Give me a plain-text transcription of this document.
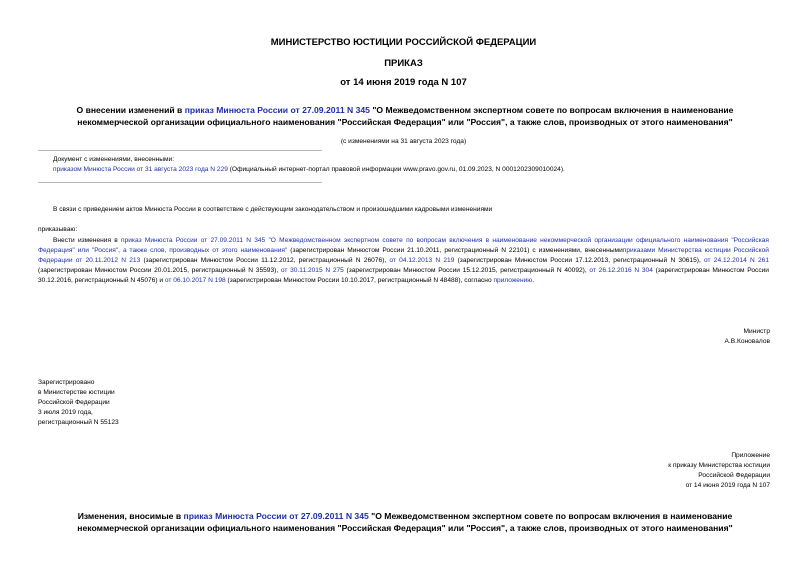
МИНИСТЕРСТВО ЮСТИЦИИ РОССИЙСКОЙ ФЕДЕРАЦИИ
ПРИКАЗ
от 14 июня 2019 года N 107
О внесении изменений в приказ Минюста России от 27.09.2011 N 345 "О Межведомственном экспертном совете по вопросам включения в наименование
некоммерческой организации официального наименования "Российская Федерация" или "Россия", а также слов, производных от этого наименования"
(с изменениями на 31 августа 2023 года)
Документ с изменениями, внесенными:
приказом Минюста России от 31 августа 2023 года N 229 (Официальный интернет-портал правовой информации www.pravo.gov.ru, 01.09.2023, N 0001202309010024).
В связи с приведением актов Минюста России в соответствие с действующим законодательством и произошедшими кадровыми изменениями
приказываю:
Внести изменения в приказ Минюста России от 27.09.2011 N 345 "О Межведомственном экспертном совете по вопросам включения в наименование некоммерческой организации официального наименования "Российская Федерация" или "Россия", а также слов, производных от этого наименования" (зарегистрирован Минюстом России 21.10.2011, регистрационный N 22101) с изменениями, внесеннымиприказами Министерства юстиции Российской Федерации от 20.11.2012 N 213 (зарегистрирован Минюстом России 11.12.2012, регистрационный N 26076), от 04.12.2013 N 219 (зарегистрирован Минюстом России 17.12.2013, регистрационный N 30615), от 24.12.2014 N 261 (зарегистрирован Минюстом России 20.01.2015, регистрационный N 35593), от 30.11.2015 N 275 (зарегистрирован Минюстом России 15.12.2015, регистрационный N 40092), от 26.12.2016 N 304 (зарегистрирован Минюстом России 30.12.2016, регистрационный N 45076) и от 06.10.2017 N 198 (зарегистрирован Минюстом России 10.10.2017, регистрационный N 48488), согласно приложению.
Министр
А.В.Коновалов
Зарегистрировано
в Министерстве юстиции
Российской Федерации
3 июля 2019 года,
регистрационный N 55123
Приложение
к приказу Министерства юстиции
Российской Федерации
от 14 июня 2019 года N 107
Изменения, вносимые в приказ Минюста России от 27.09.2011 N 345 "О Межведомственном экспертном совете по вопросам включения в наименование
некоммерческой организации официального наименования "Российская Федерация" или "Россия", а также слов, производных от этого наименования"
